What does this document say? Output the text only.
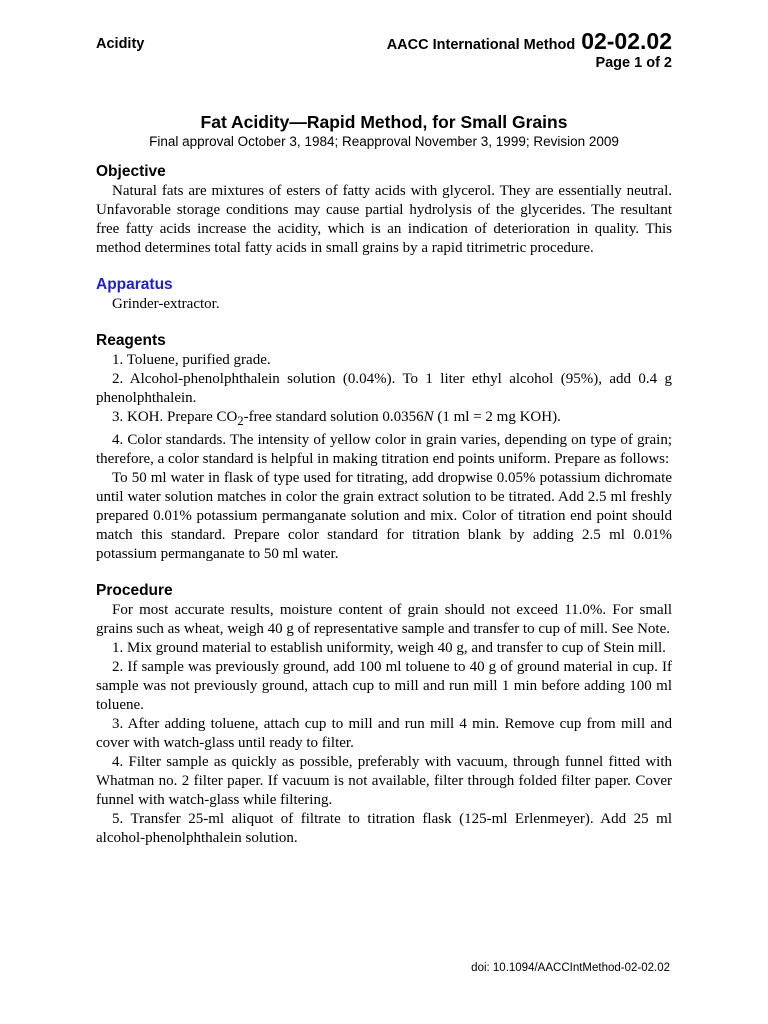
Acidity	AACC International Method 02-02.02
Page 1 of 2
Fat Acidity—Rapid Method, for Small Grains
Final approval October 3, 1984; Reapproval November 3, 1999; Revision 2009
Objective

Natural fats are mixtures of esters of fatty acids with glycerol. They are essentially neutral. Unfavorable storage conditions may cause partial hydrolysis of the glycerides. The resultant free fatty acids increase the acidity, which is an indication of deterioration in quality. This method determines total fatty acids in small grains by a rapid titrimetric procedure.

Apparatus

Grinder-extractor.

Reagents

1. Toluene, purified grade.

2. Alcohol-phenolphthalein solution (0.04%). To 1 liter ethyl alcohol (95%), add 0.4 g phenolphthalein.

3. KOH. Prepare $CO_2$-free standard solution 0.0356N (1 ml = 2 mg KOH).

4. Color standards. The intensity of yellow color in grain varies, depending on type of grain; therefore, a color standard is helpful in making titration end points uniform. Prepare as follows:

To 50 ml water in flask of type used for titrating, add dropwise 0.05% potassium dichromate until water solution matches in color the grain extract solution to be titrated. Add 2.5 ml freshly prepared 0.01% potassium permanganate solution and mix. Color of titration end point should match this standard. Prepare color standard for titration blank by adding 2.5 ml 0.01% potassium permanganate to 50 ml water.

Procedure

For most accurate results, moisture content of grain should not exceed 11.0%. For small grains such as wheat, weigh 40 g of representative sample and transfer to cup of mill. See Note.

1. Mix ground material to establish uniformity, weigh 40 g, and transfer to cup of Stein mill.

2. If sample was previously ground, add 100 ml toluene to 40 g of ground material in cup. If sample was not previously ground, attach cup to mill and run mill 1 min before adding 100 ml toluene.

3. After adding toluene, attach cup to mill and run mill 4 min. Remove cup from mill and cover with watch-glass until ready to filter.

4. Filter sample as quickly as possible, preferably with vacuum, through funnel fitted with Whatman no. 2 filter paper. If vacuum is not available, filter through folded filter paper. Cover funnel with watch-glass while filtering.

5. Transfer 25-ml aliquot of filtrate to titration flask (125-ml Erlenmeyer). Add 25 ml alcohol-phenolphthalein solution.

doi: 10.1094/AACCIntMethod-02-02.02
